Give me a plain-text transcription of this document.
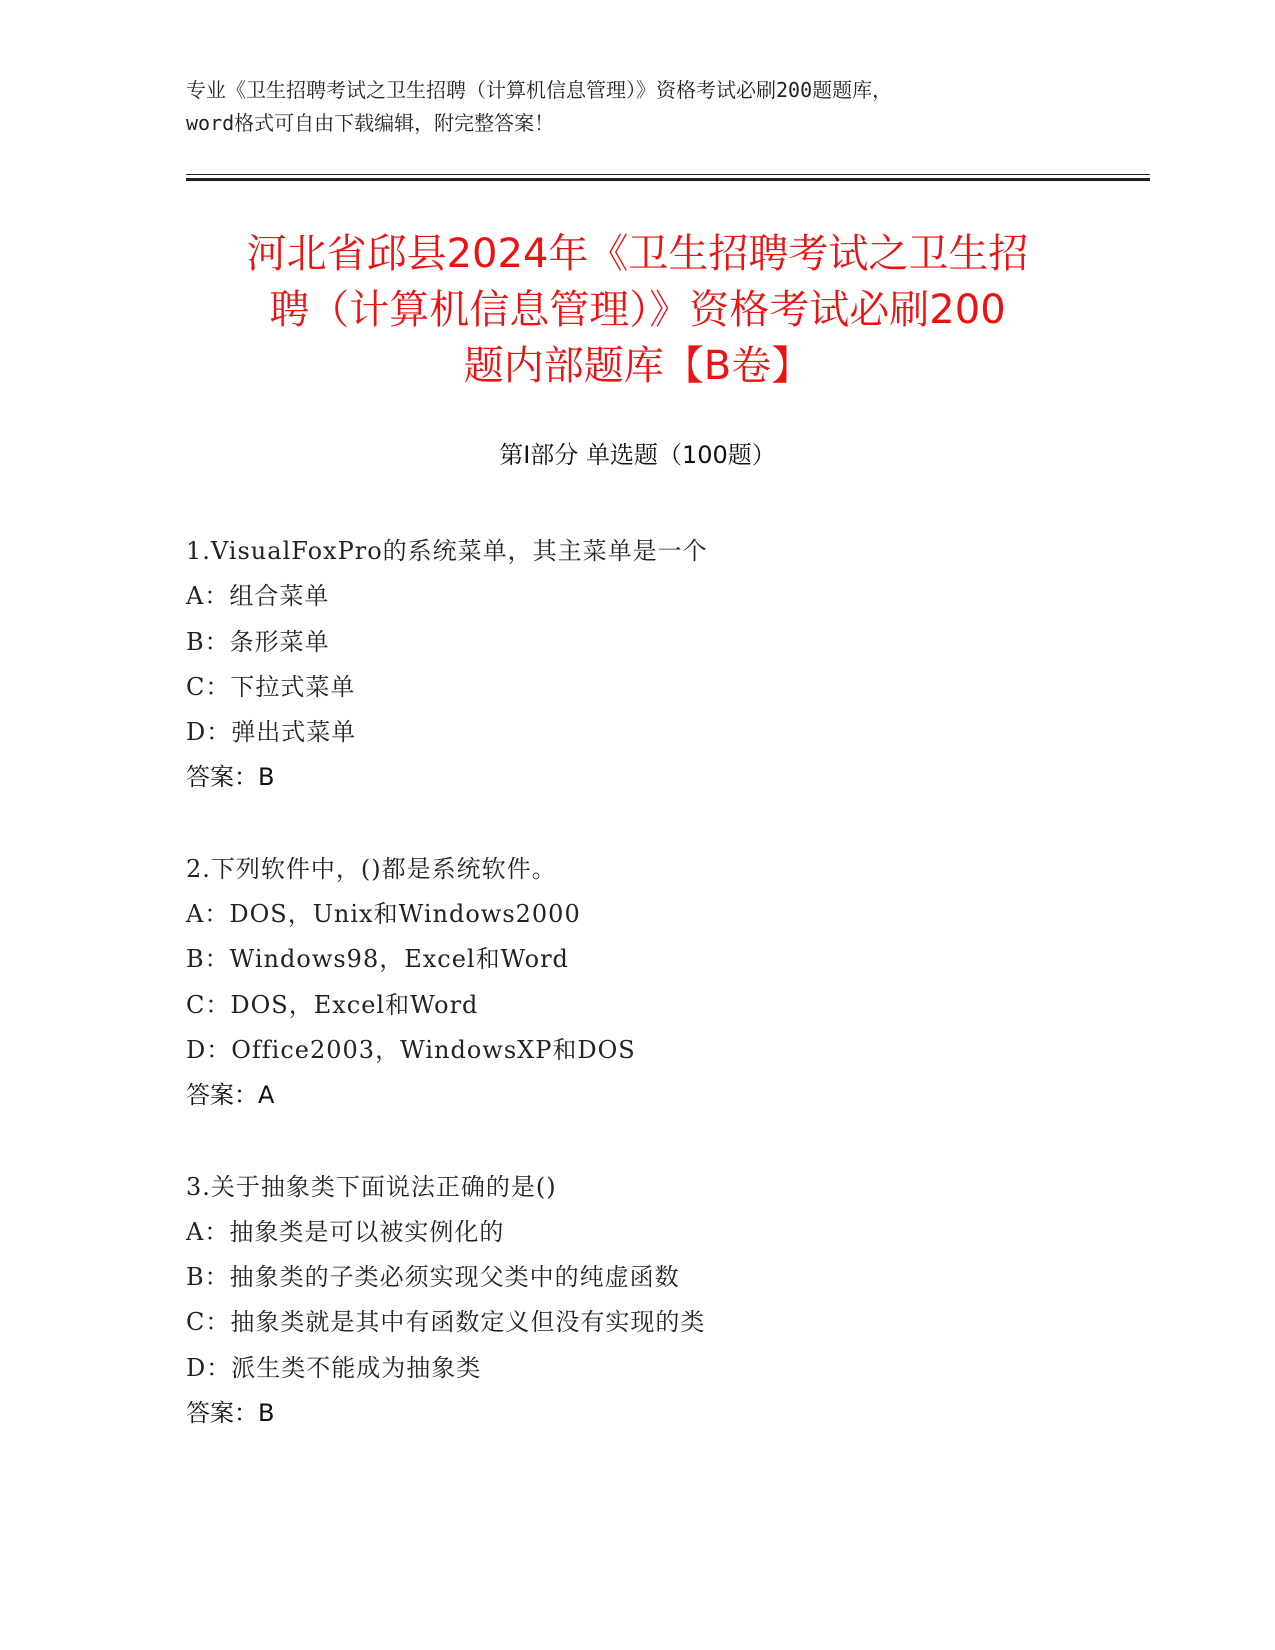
专业《卫生招聘考试之卫生招聘（计算机信息管理）》资格考试必刷200题题库，
word格式可自由下载编辑，附完整答案！
河北省邱县2024年《卫生招聘考试之卫生招
聘（计算机信息管理）》资格考试必刷200
题内部题库【B卷】
第Ⅰ部分 单选题（100题）
1.VisualFoxPro的系统菜单，其主菜单是一个
A：组合菜单
B：条形菜单
C：下拉式菜单
D：弹出式菜单
答案：B
2.下列软件中，()都是系统软件。
A：DOS，Unix和Windows2000
B：Windows98，Excel和Word
C：DOS，Excel和Word
D：Office2003，WindowsXP和DOS
答案：A
3.关于抽象类下面说法正确的是()
A：抽象类是可以被实例化的
B：抽象类的子类必须实现父类中的纯虚函数
C：抽象类就是其中有函数定义但没有实现的类
D：派生类不能成为抽象类
答案：B
